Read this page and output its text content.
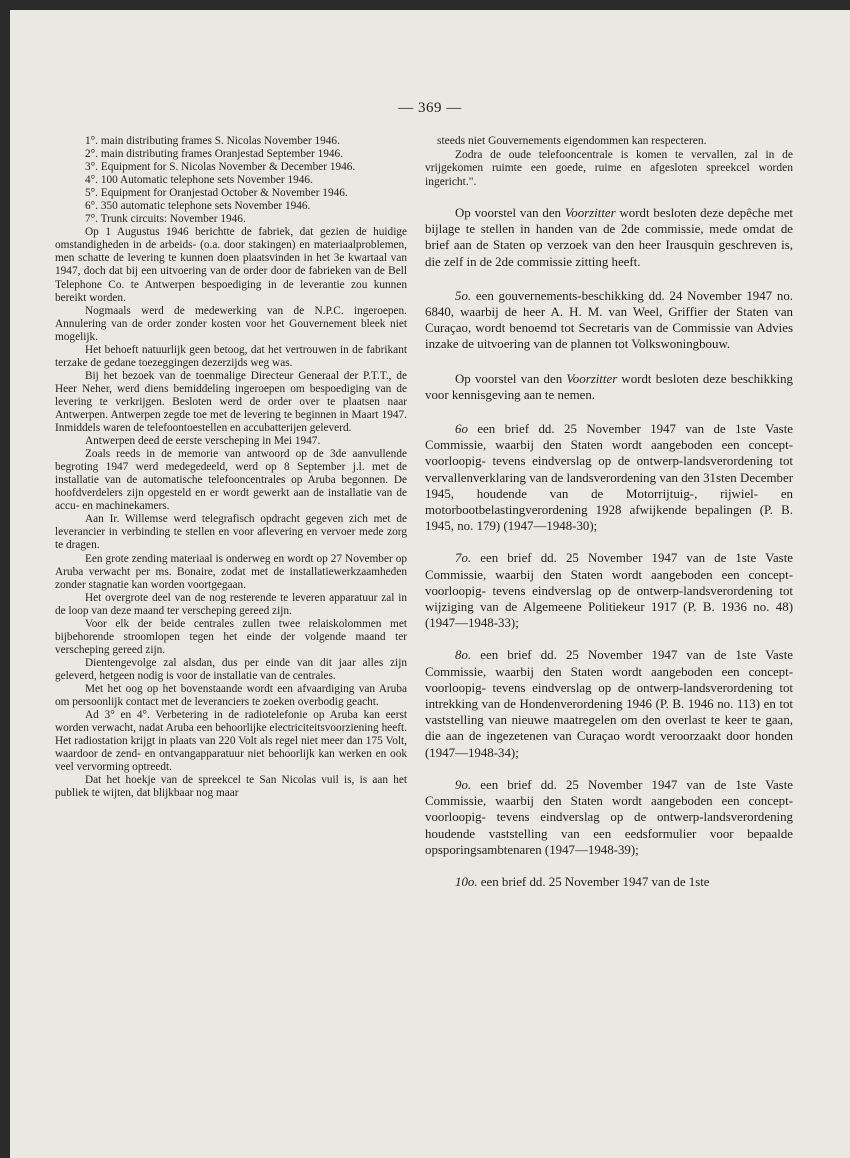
— 369 —

1°. main distributing frames S. Nicolas November 1946.

2°. main distributing frames Oranjestad September 1946.

3°. Equipment for S. Nicolas November & December 1946.

4°. 100 Automatic telephone sets November 1946.

5°. Equipment for Oranjestad October & November 1946.

6°. 350 automatic telephone sets November 1946.

7°. Trunk circuits: November 1946.

Op 1 Augustus 1946 berichtte de fabriek, dat gezien de huidige omstandigheden in de arbeids- (o.a. door stakingen) en materiaalproblemen, men schatte de levering te kunnen doen plaatsvinden in het 3e kwartaal van 1947, doch dat bij een uitvoering van de order door de fabrieken van de Bell Telephone Co. te Antwerpen bespoediging in de leverantie zou kunnen bereikt worden.

Nogmaals werd de medewerking van de N.P.C. ingeroepen. Annulering van de order zonder kosten voor het Gouvernement bleek niet mogelijk.

Het behoeft natuurlijk geen betoog, dat het vertrouwen in de fabrikant terzake de gedane toezeggingen dezerzijds weg was.

Bij het bezoek van de toenmalige Directeur Generaal der P.T.T., de Heer Neher, werd diens bemiddeling ingeroepen om bespoediging van de levering te verkrijgen. Besloten werd de order over te plaatsen naar Antwerpen. Antwerpen zegde toe met de levering te beginnen in Maart 1947. Inmiddels waren de telefoontoestellen en accubatterijen geleverd.

Antwerpen deed de eerste verscheping in Mei 1947.

Zoals reeds in de memorie van antwoord op de 3de aanvullende begroting 1947 werd medegedeeld, werd op 8 September j.l. met de installatie van de automatische telefooncentrales op Aruba begonnen. De hoofdverdelers zijn opgesteld en er wordt gewerkt aan de installatie van de accu- en machinekamers.

Aan Ir. Willemse werd telegrafisch opdracht gegeven zich met de leverancier in verbinding te stellen en voor aflevering en vervoer mede zorg te dragen.

Een grote zending materiaal is onderweg en wordt op 27 November op Aruba verwacht per ms. Bonaire, zodat met de installatiewerkzaamheden zonder stagnatie kan worden voortgegaan.

Het overgrote deel van de nog resterende te leveren apparatuur zal in de loop van deze maand ter verscheping gereed zijn.

Voor elk der beide centrales zullen twee relaiskolommen met bijbehorende stroomlopen tegen het einde der volgende maand ter verscheping gereed zijn.

Dientengevolge zal alsdan, dus per einde van dit jaar alles zijn geleverd, hetgeen nodig is voor de installatie van de centrales.

Met het oog op het bovenstaande wordt een afvaardiging van Aruba om persoonlijk contact met de leveranciers te zoeken overbodig geacht.

Ad 3° en 4°. Verbetering in de radiotelefonie op Aruba kan eerst worden verwacht, nadat Aruba een behoorlijke electriciteitsvoorziening heeft. Het radiostation krijgt in plaats van 220 Volt als regel niet meer dan 175 Volt, waardoor de zend- en ontvangapparatuur niet behoorlijk kan werken en ook veel vervorming optreedt.

Dat het hoekje van de spreekcel te San Nicolas vuil is, is aan het publiek te wijten, dat blijkbaar nog maar

steeds niet Gouvernements eigendommen kan respecteren.

Zodra de oude telefooncentrale is komen te vervallen, zal in de vrijgekomen ruimte een goede, ruime en afgesloten spreekcel worden ingericht.".

Op voorstel van den Voorzitter wordt besloten deze depêche met bijlage te stellen in handen van de 2de commissie, mede omdat de brief aan de Staten op verzoek van den heer Irausquin geschreven is, die zelf in de 2de commissie zitting heeft.

5o. een gouvernements-beschikking dd. 24 November 1947 no. 6840, waarbij de heer A. H. M. van Weel, Griffier der Staten van Curaçao, wordt benoemd tot Secretaris van de Commissie van Advies inzake de uitvoering van de plannen tot Volkswoningbouw.

Op voorstel van den Voorzitter wordt besloten deze beschikking voor kennisgeving aan te nemen.

6o een brief dd. 25 November 1947 van de 1ste Vaste Commissie, waarbij den Staten wordt aangeboden een concept-voorloopig- tevens eindverslag op de ontwerp-landsverordening tot vervallenverklaring van de landsverordening van den 31sten December 1945, houdende van de Motorrijtuig-, rijwiel- en motorbootbelastingverordening 1928 afwijkende bepalingen (P. B. 1945, no. 179) (1947—1948-30);

7o. een brief dd. 25 November 1947 van de 1ste Vaste Commissie, waarbij den Staten wordt aangeboden een concept-voorloopig- tevens eindverslag op de ontwerp-landsverordening tot wijziging van de Algemeene Politiekeur 1917 (P. B. 1936 no. 48) (1947—1948-33);

8o. een brief dd. 25 November 1947 van de 1ste Vaste Commissie, waarbij den Staten wordt aangeboden een concept-voorloopig- tevens eindverslag op de ontwerp-landsverordening tot intrekking van de Hondenverordening 1946 (P. B. 1946 no. 113) en tot vaststelling van nieuwe maatregelen om den overlast te keer te gaan, die aan de ingezetenen van Curaçao wordt veroorzaakt door honden (1947—1948-34);

9o. een brief dd. 25 November 1947 van de 1ste Vaste Commissie, waarbij den Staten wordt aangeboden een concept-voorloopig- tevens eindverslag op de ontwerp-landsverordening houdende vaststelling van een eedsformulier voor bepaalde opsporingsambtenaren (1947—1948-39);

10o. een brief dd. 25 November 1947 van de 1ste
